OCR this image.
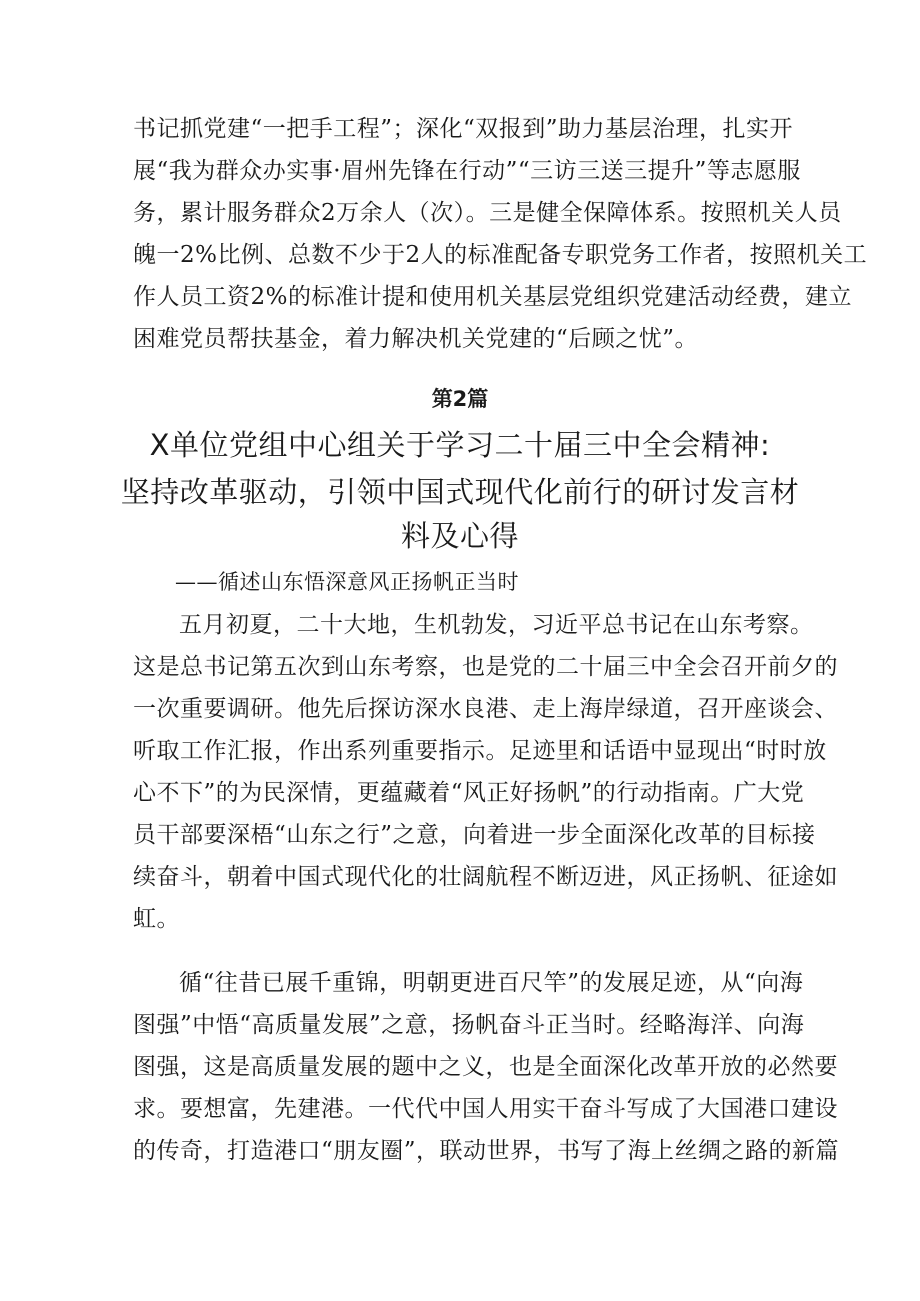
书记抓党建“一把手工程”；深化“双报到”助力基层治理，扎实开
展“我为群众办实事·眉州先锋在行动”“三访三送三提升”等志愿服
务，累计服务群众2万余人（次）。三是健全保障体系。按照机关人员
魄一2%比例、总数不少于2人的标准配备专职党务工作者，按照机关工
作人员工资2%的标准计提和使用机关基层党组织党建活动经费，建立
困难党员帮扶基金，着力解决机关党建的“后顾之忧”。
第2篇
X单位党组中心组关于学习二十届三中全会精神:
坚持改革驱动，引领中国式现代化前行的研讨发言材
料及心得
——循述山东悟深意风正扬帆正当时
五月初夏，二十大地，生机勃发，习近平总书记在山东考察。
这是总书记第五次到山东考察，也是党的二十届三中全会召开前夕的
一次重要调研。他先后探访深水良港、走上海岸绿道，召开座谈会、
听取工作汇报，作出系列重要指示。足迹里和话语中显现出“时时放
心不下”的为民深情，更蕴藏着“风正好扬帆”的行动指南。广大党
员干部要深梧“山东之行”之意，向着进一步全面深化改革的目标接
续奋斗，朝着中国式现代化的壮阔航程不断迈进，风正扬帆、征途如
虹。
循“往昔已展千重锦，明朝更进百尺竿”的发展足迹，从“向海
图强”中悟“高质量发展”之意，扬帆奋斗正当时。经略海洋、向海
图强，这是高质量发展的题中之义，也是全面深化改革开放的必然要
求。要想富，先建港。一代代中国人用实干奋斗写成了大国港口建设
的传奇，打造港口“朋友圈”，联动世界，书写了海上丝绸之路的新篇
